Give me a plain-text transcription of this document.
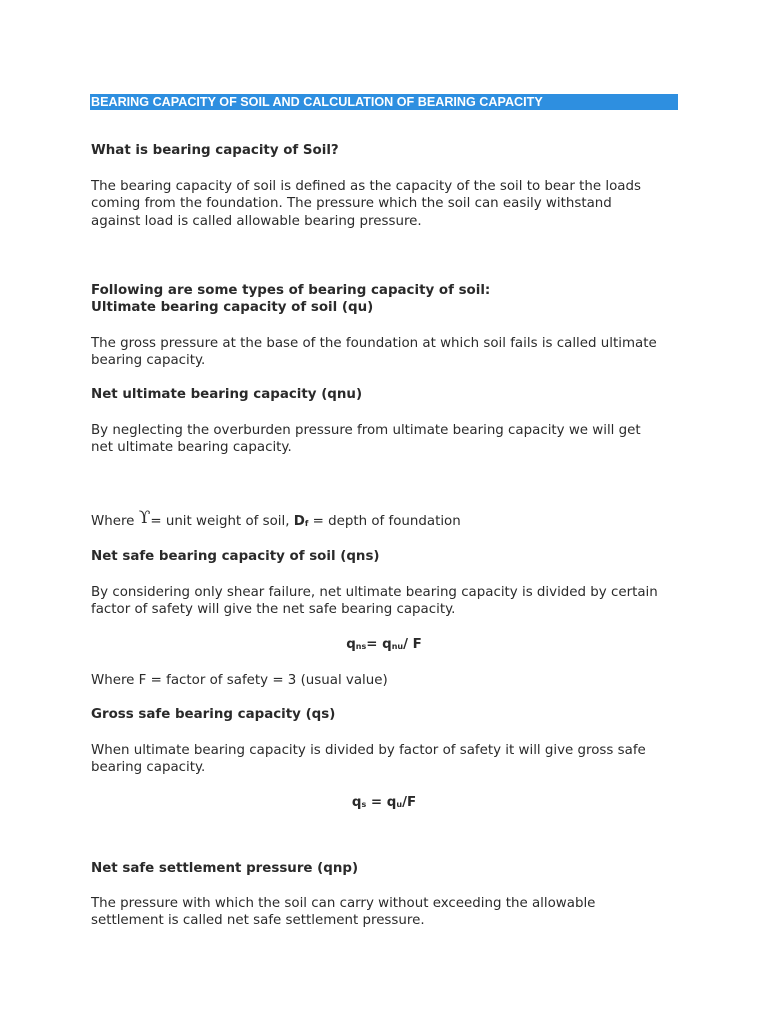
BEARING CAPACITY OF SOIL AND CALCULATION OF BEARING CAPACITY

What is bearing capacity of Soil?

The bearing capacity of soil is defined as the capacity of the soil to bear the loads
coming from the foundation. The pressure which the soil can easily withstand
against load is called allowable bearing pressure.

Following are some types of bearing capacity of soil:
Ultimate bearing capacity of soil (qu)

The gross pressure at the base of the foundation at which soil fails is called ultimate
bearing capacity.

Net ultimate bearing capacity (qnu)

By neglecting the overburden pressure from ultimate bearing capacity we will get
net ultimate bearing capacity.

Where ϒ= unit weight of soil, $D_f$ = depth of foundation

Net safe bearing capacity of soil (qns)

By considering only shear failure, net ultimate bearing capacity is divided by certain
factor of safety will give the net safe bearing capacity.

$q_{ns}= q_{nu}/$ F

Where F = factor of safety = 3 (usual value)

Gross safe bearing capacity (qs)

When ultimate bearing capacity is divided by factor of safety it will give gross safe
bearing capacity.

$q_s = q_u/F$

Net safe settlement pressure (qnp)

The pressure with which the soil can carry without exceeding the allowable
settlement is called net safe settlement pressure.
